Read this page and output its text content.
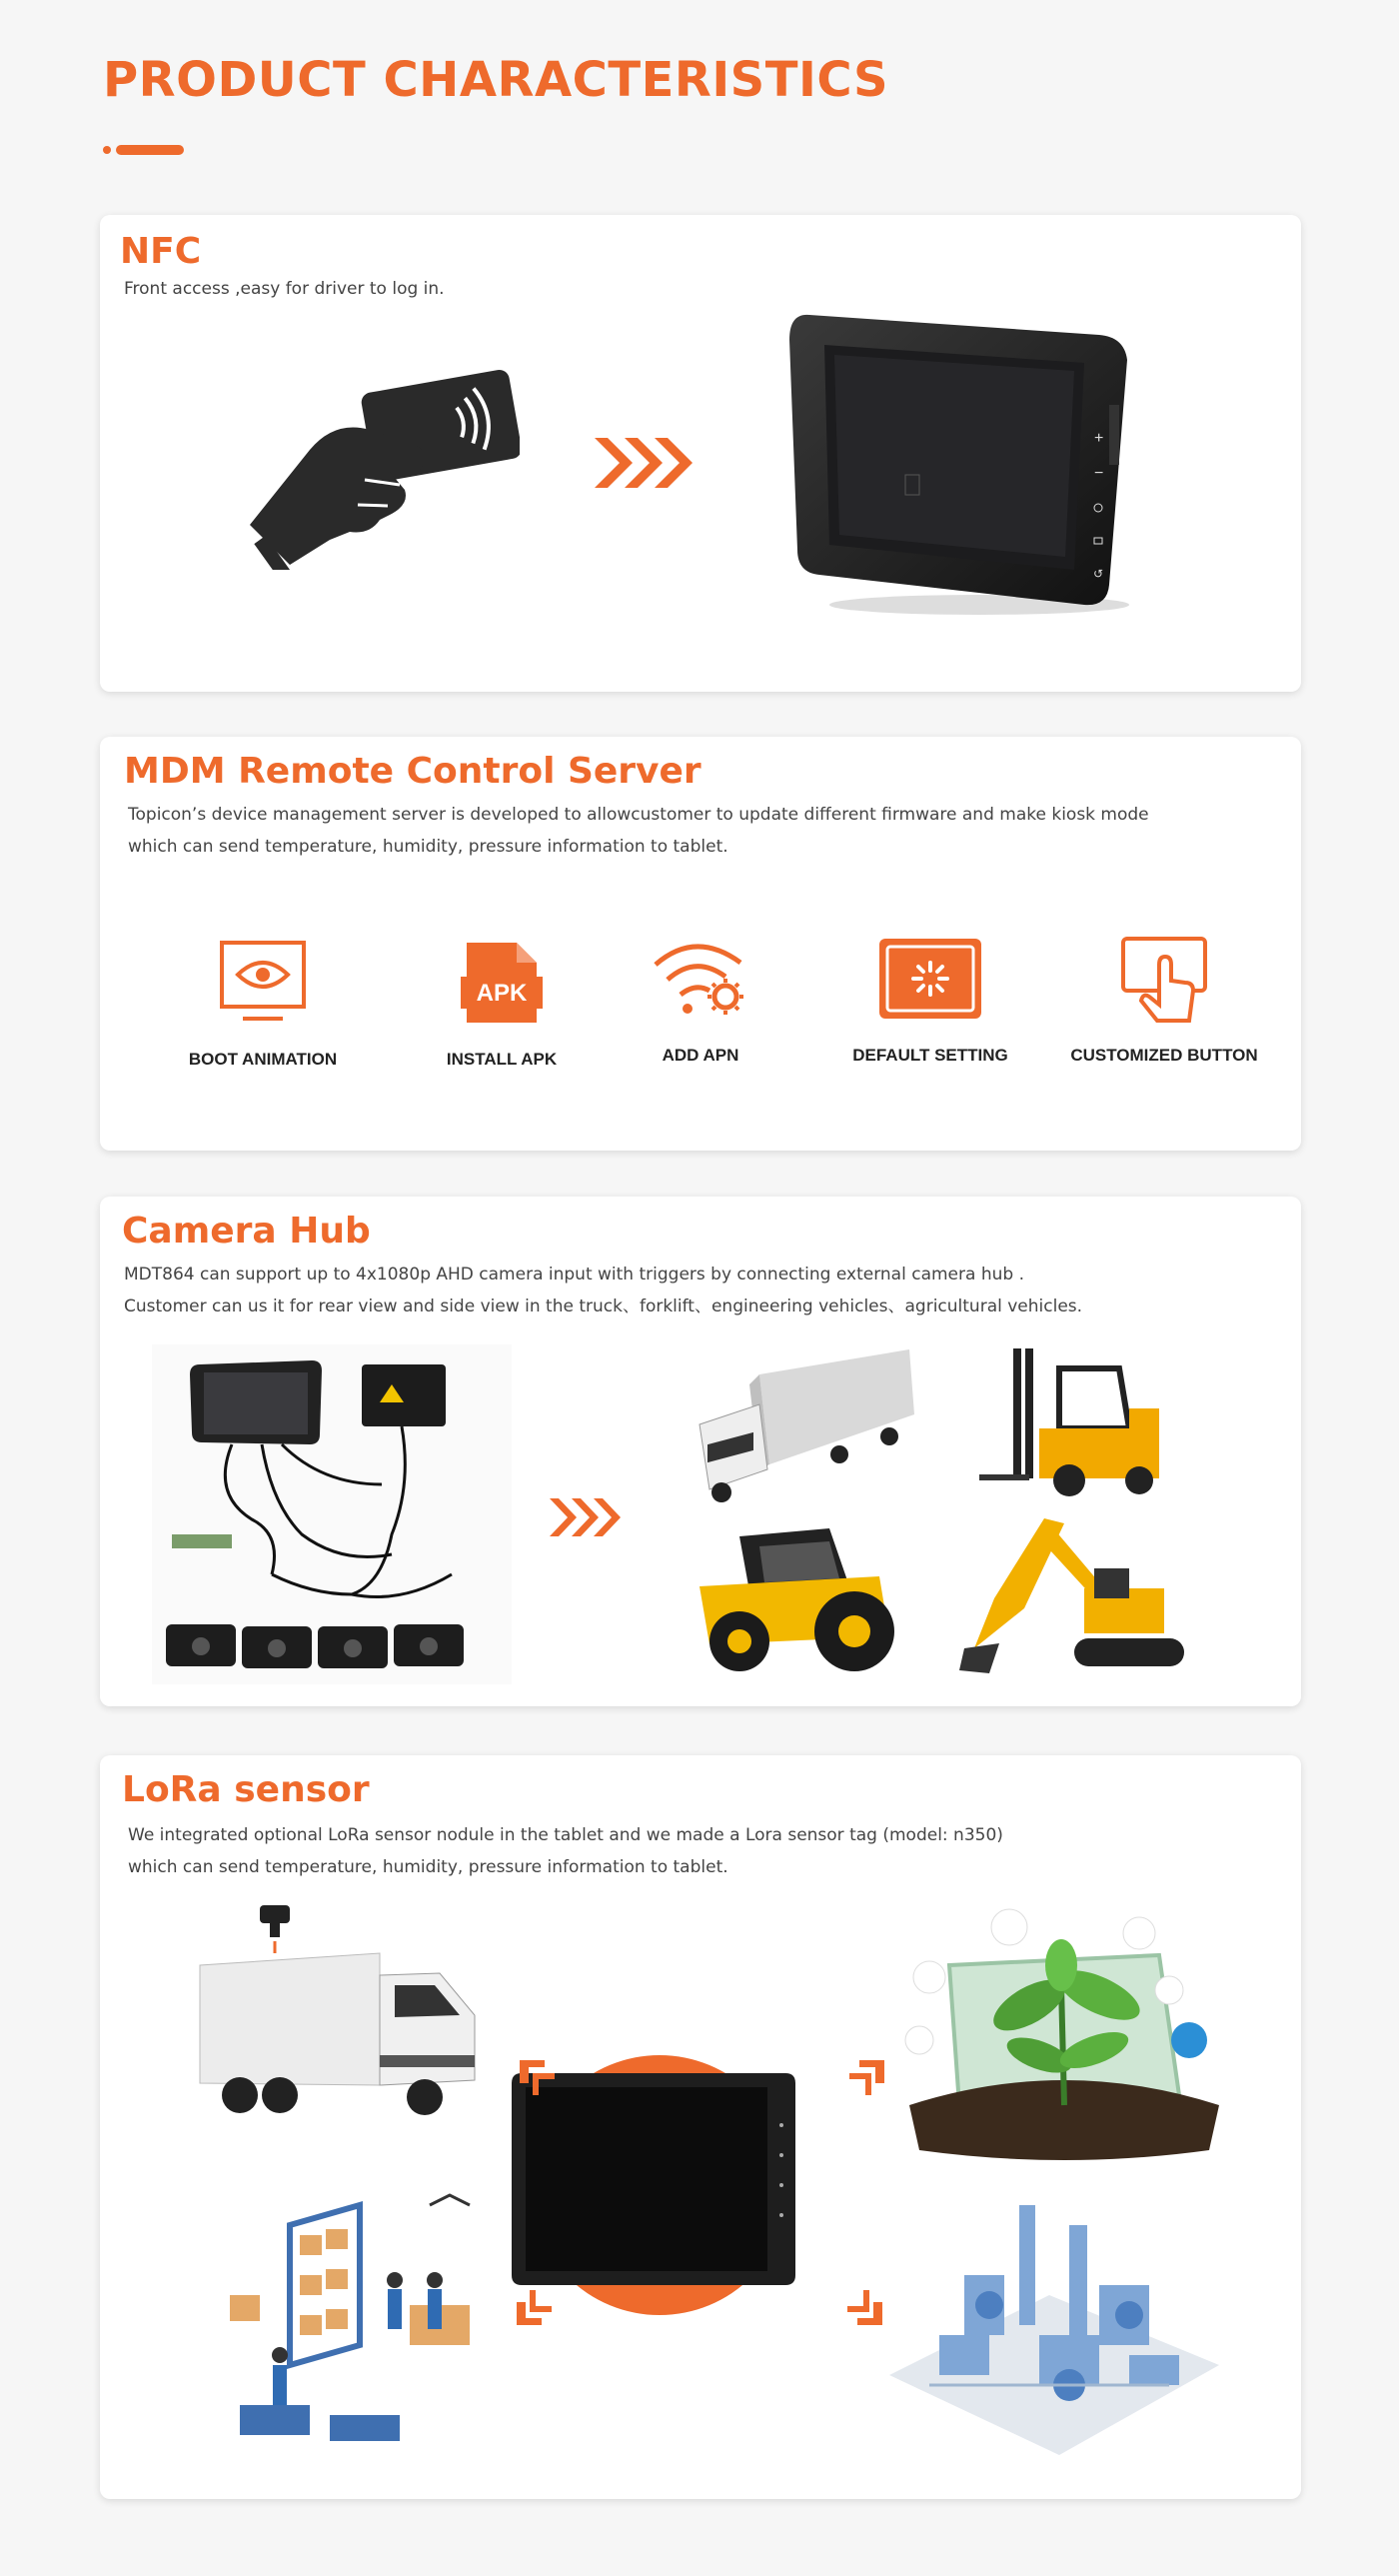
PRODUCT CHARACTERISTICS
NFC
Front access ,easy for driver to log in.
+
−
↺
MDM Remote Control Server
Topicon’s device management server is developed to allowcustomer to update different firmware and make kiosk mode
which can send temperature, humidity, pressure information to tablet.
BOOT ANIMATION
APK
INSTALL APK	ADD APN	DEFAULT SETTING	CUSTOMIZED BUTTON
Camera Hub
MDT864 can support up to 4x1080p AHD camera input with triggers by connecting external camera hub .
Customer can us it for rear view and side view in the truck、forklift、engineering vehicles、agricultural vehicles.
LoRa sensor
We integrated optional LoRa sensor nodule in the tablet and we made a Lora sensor tag (model: n350)
which can send temperature, humidity, pressure information to tablet.
